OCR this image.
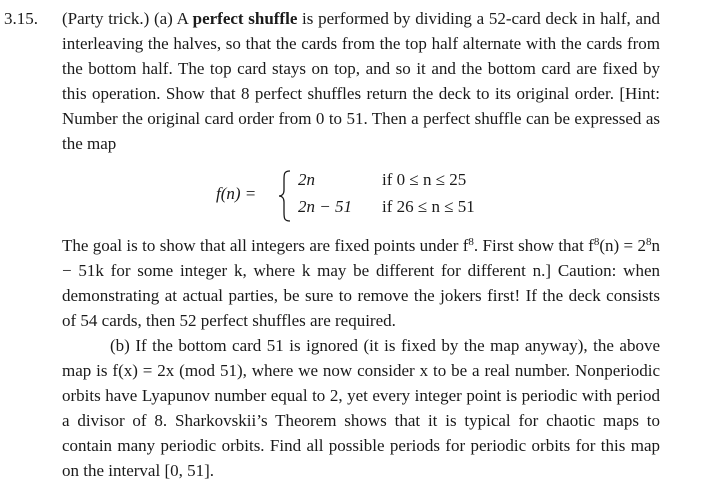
3.15. (Party trick.) (a) A perfect shuffle is performed by dividing a 52-card deck in half, and interleaving the halves, so that the cards from the top half alternate with the cards from the bottom half. The top card stays on top, and so it and the bottom card are fixed by this operation. Show that 8 perfect shuffles return the deck to its original order. [Hint: Number the original card order from 0 to 51. Then a perfect shuffle can be expressed as the map
f(n) =
2n	if 0 ≤ n ≤ 25
2n − 51 if 26 ≤ n ≤ 51
The goal is to show that all integers are fixed points under $f^8$. First show that $f^8(n) = 2^8n - 51k$ for some integer k, where k may be different for different n.] Caution: when demonstrating at actual parties, be sure to remove the jokers first! If the deck consists of 54 cards, then 52 perfect shuffles are required.
(b) If the bottom card 51 is ignored (it is fixed by the map anyway), the above map is f(x) = 2x (mod 51), where we now consider x to be a real number. Nonperiodic orbits have Lyapunov number equal to 2, yet every integer point is periodic with period a divisor of 8. Sharkovskii’s Theorem shows that it is typical for chaotic maps to contain many periodic orbits. Find all possible periods for periodic orbits for this map on the interval [0, 51].
